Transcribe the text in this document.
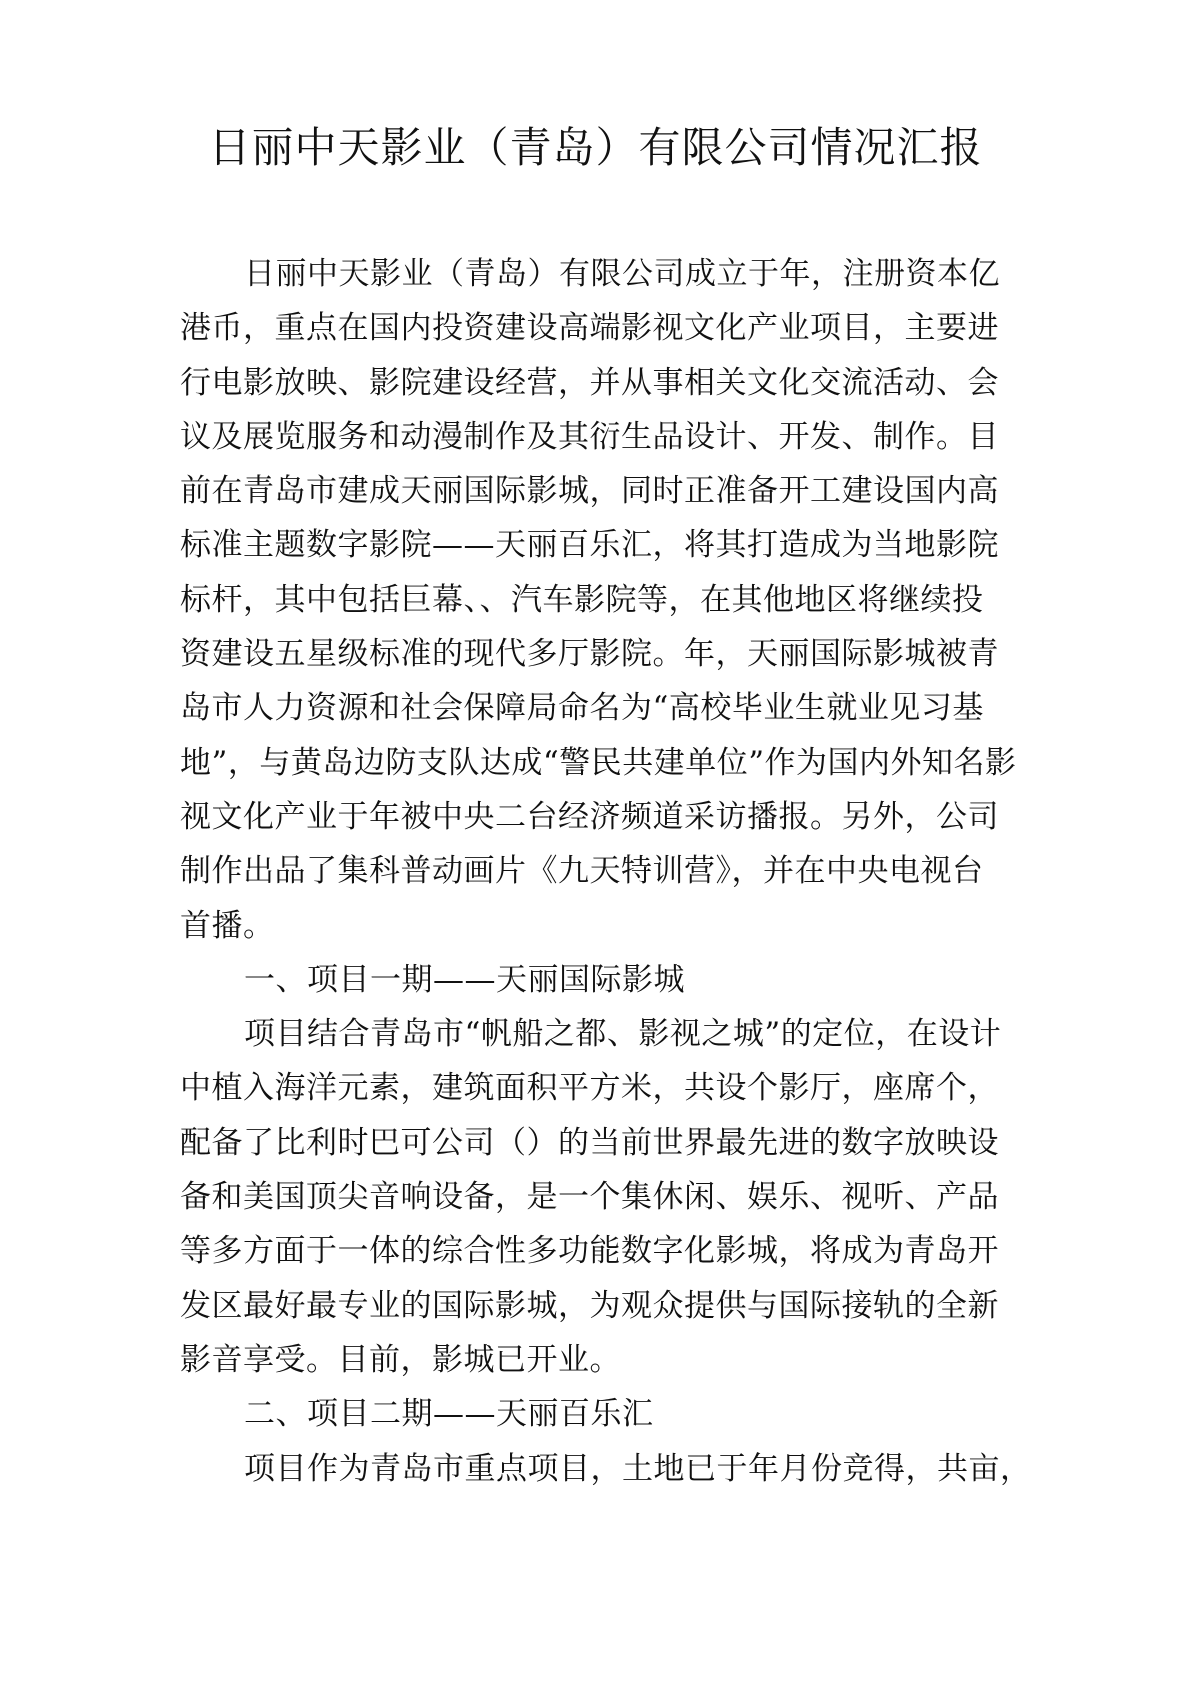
日丽中天影业（青岛）有限公司情况汇报
日丽中天影业（青岛）有限公司成立于年，注册资本亿
港币，重点在国内投资建设高端影视文化产业项目，主要进
行电影放映、影院建设经营，并从事相关文化交流活动、会
议及展览服务和动漫制作及其衍生品设计、开发、制作。目
前在青岛市建成天丽国际影城，同时正准备开工建设国内高
标准主题数字影院——天丽百乐汇，将其打造成为当地影院
标杆，其中包括巨幕、、汽车影院等，在其他地区将继续投
资建设五星级标准的现代多厅影院。年，天丽国际影城被青
岛市人力资源和社会保障局命名为“高校毕业生就业见习基
地”，与黄岛边防支队达成“警民共建单位”作为国内外知名影
视文化产业于年被中央二台经济频道采访播报。另外，公司
制作出品了集科普动画片《九天特训营》，并在中央电视台
首播。
一、项目一期——天丽国际影城
项目结合青岛市“帆船之都、影视之城”的定位，在设计
中植入海洋元素，建筑面积平方米，共设个影厅，座席个，
配备了比利时巴可公司（）的当前世界最先进的数字放映设
备和美国顶尖音响设备，是一个集休闲、娱乐、视听、产品
等多方面于一体的综合性多功能数字化影城，将成为青岛开
发区最好最专业的国际影城，为观众提供与国际接轨的全新
影音享受。目前，影城已开业。
二、项目二期——天丽百乐汇
项目作为青岛市重点项目，土地已于年月份竞得，共亩，
